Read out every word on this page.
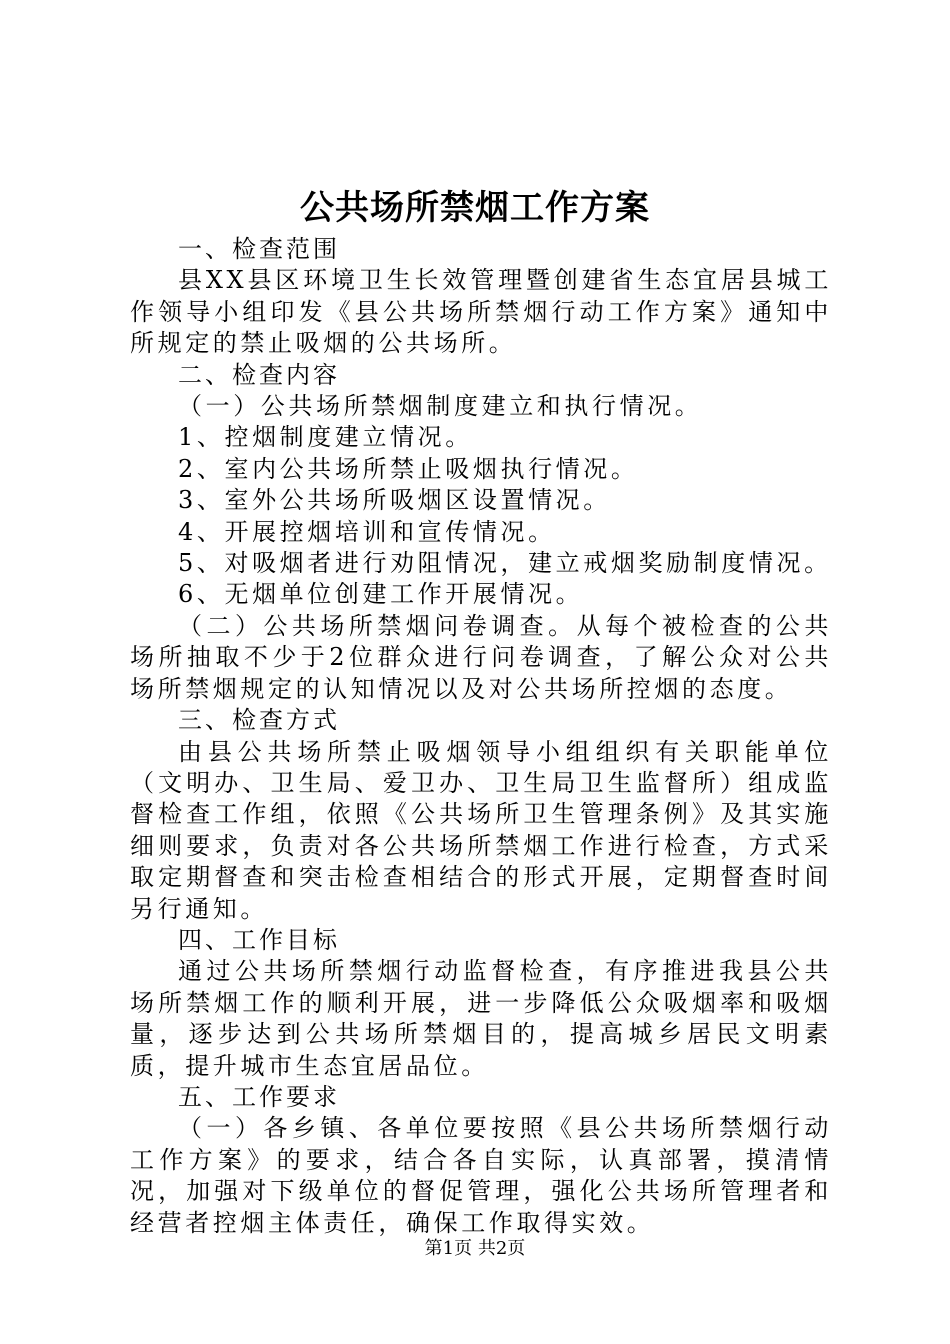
公共场所禁烟工作方案

一、检查范围

县XX县区环境卫生长效管理暨创建省生态宜居县城工作领导小组印发《县公共场所禁烟行动工作方案》通知中所规定的禁止吸烟的公共场所。

二、检查内容

（一）公共场所禁烟制度建立和执行情况。

1、控烟制度建立情况。

2、室内公共场所禁止吸烟执行情况。

3、室外公共场所吸烟区设置情况。

4、开展控烟培训和宣传情况。

5、对吸烟者进行劝阻情况，建立戒烟奖励制度情况。

6、无烟单位创建工作开展情况。

（二）公共场所禁烟问卷调查。从每个被检查的公共场所抽取不少于2位群众进行问卷调查，了解公众对公共场所禁烟规定的认知情况以及对公共场所控烟的态度。

三、检查方式

由县公共场所禁止吸烟领导小组组织有关职能单位（文明办、卫生局、爱卫办、卫生局卫生监督所）组成监督检查工作组，依照《公共场所卫生管理条例》及其实施细则要求，负责对各公共场所禁烟工作进行检查，方式采取定期督查和突击检查相结合的形式开展，定期督查时间另行通知。

四、工作目标

通过公共场所禁烟行动监督检查，有序推进我县公共场所禁烟工作的顺利开展，进一步降低公众吸烟率和吸烟量，逐步达到公共场所禁烟目的，提高城乡居民文明素质，提升城市生态宜居品位。

五、工作要求

（一）各乡镇、各单位要按照《县公共场所禁烟行动工作方案》的要求，结合各自实际，认真部署，摸清情况，加强对下级单位的督促管理，强化公共场所管理者和经营者控烟主体责任，确保工作取得实效。

第1页 共2页
